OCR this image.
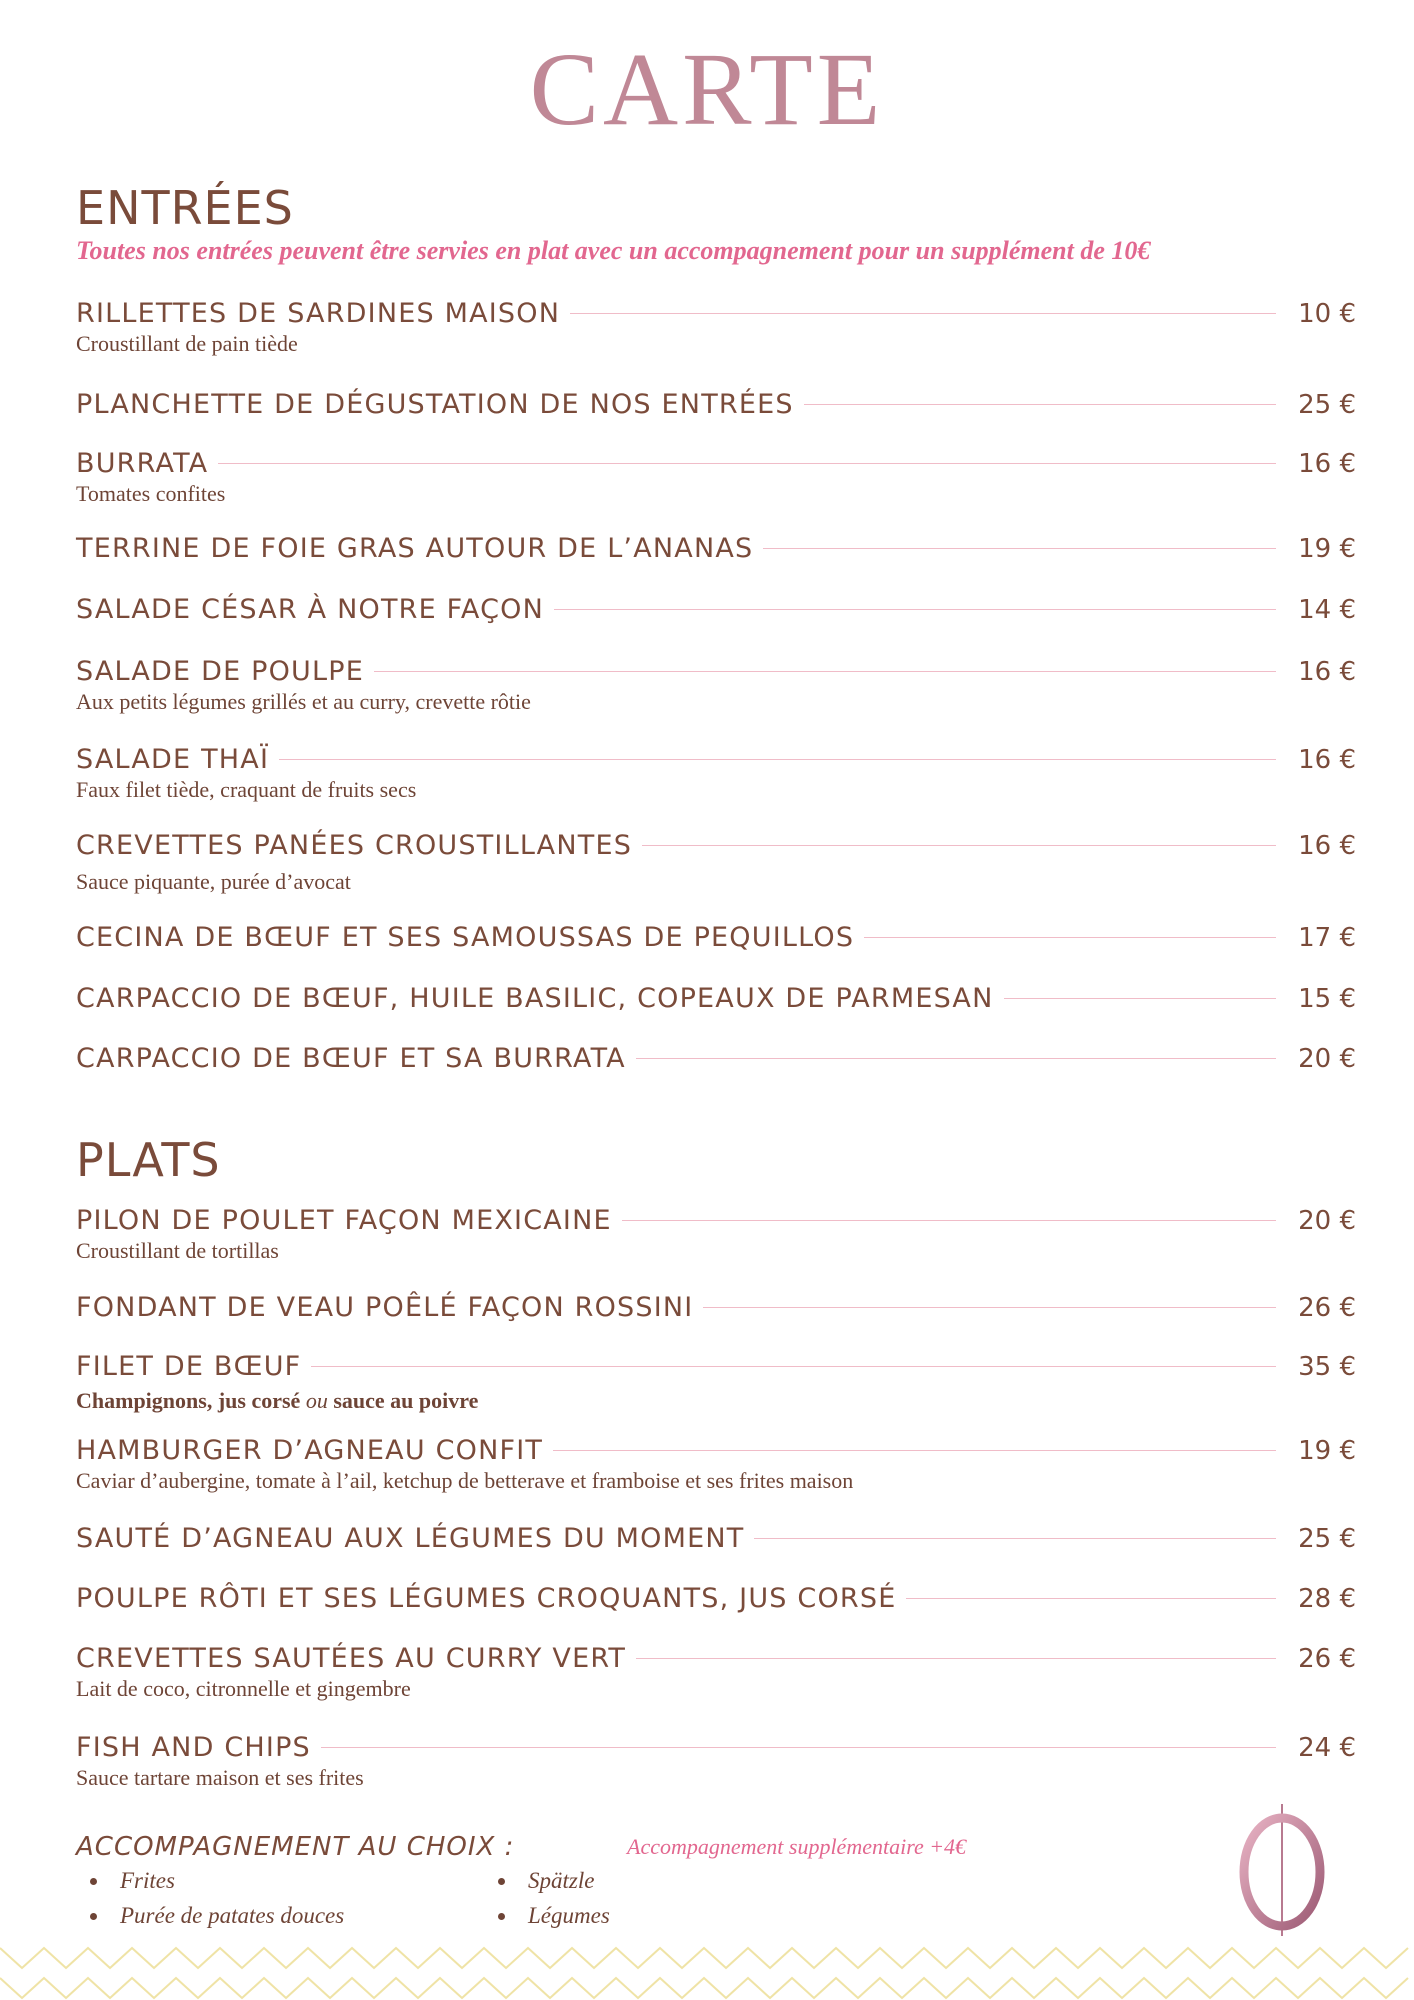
CARTE
ENTRÉES
Toutes nos entrées peuvent être servies en plat avec un accompagnement pour un supplément de 10€
RILLETTES DE SARDINES MAISON	10 €
Croustillant de pain tiède
PLANCHETTE DE DÉGUSTATION DE NOS ENTRÉES	25 €
BURRATA	16 €
Tomates confites
TERRINE DE FOIE GRAS AUTOUR DE L’ANANAS	19 €
SALADE CÉSAR À NOTRE FAÇON	14 €
SALADE DE POULPE	16 €
Aux petits légumes grillés et au curry, crevette rôtie
SALADE THAÏ	16 €
Faux filet tiède, craquant de fruits secs
CREVETTES PANÉES CROUSTILLANTES	16 €
Sauce piquante, purée d’avocat
CECINA DE BŒUF ET SES SAMOUSSAS DE PEQUILLOS	17 €
CARPACCIO DE BŒUF, HUILE BASILIC, COPEAUX DE PARMESAN	15 €
CARPACCIO DE BŒUF ET SA BURRATA	20 €
PLATS
PILON DE POULET FAÇON MEXICAINE	20 €
Croustillant de tortillas
FONDANT DE VEAU POÊLÉ FAÇON ROSSINI	26 €
FILET DE BŒUF	35 €
Champignons, jus corsé ou sauce au poivre
HAMBURGER D’AGNEAU CONFIT	19 €
Caviar d’aubergine, tomate à l’ail, ketchup de betterave et framboise et ses frites maison
SAUTÉ D’AGNEAU AUX LÉGUMES DU MOMENT	25 €
POULPE RÔTI ET SES LÉGUMES CROQUANTS, JUS CORSÉ	28 €
CREVETTES SAUTÉES AU CURRY VERT	26 €
Lait de coco, citronnelle et gingembre
FISH AND CHIPS	24 €
Sauce tartare maison et ses frites
ACCOMPAGNEMENT AU CHOIX :	Accompagnement supplémentaire +4€
Frites
Purée de patates douces
Spätzle
Légumes
